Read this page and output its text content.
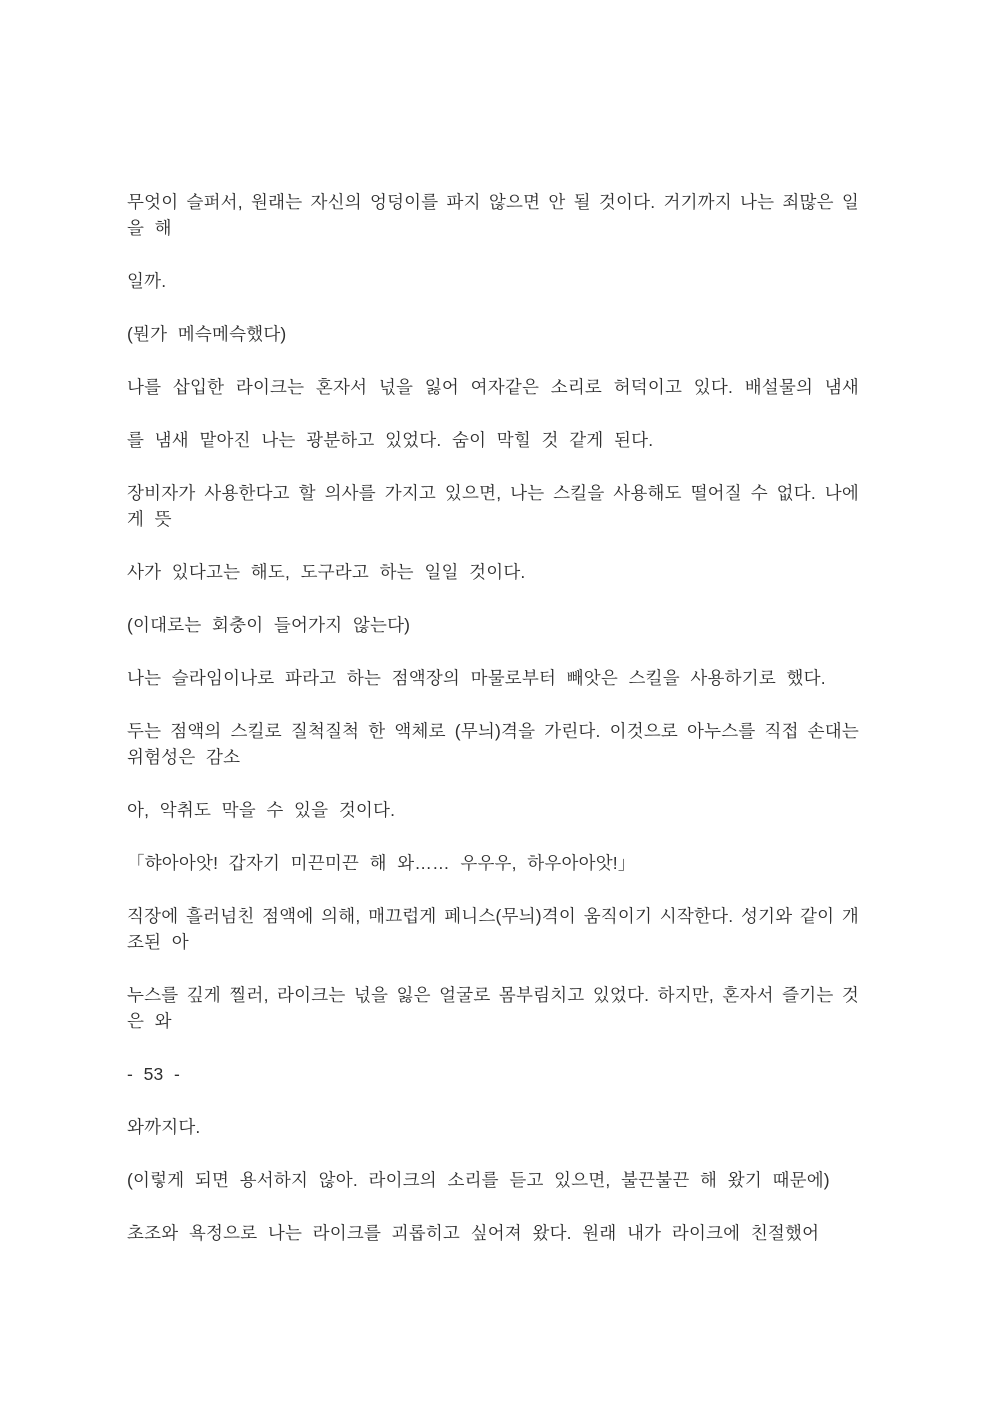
무엇이 슬퍼서, 원래는 자신의 엉덩이를 파지 않으면 안 될 것이다. 거기까지 나는 죄많은 일
을 해
일까.
(뭔가 메슥메슥했다)
나를 삽입한 라이크는 혼자서 넋을 잃어 여자같은 소리로 허덕이고 있다. 배설물의 냄새
를 냄새 맡아진 나는 광분하고 있었다. 숨이 막힐 것 같게 된다.
장비자가 사용한다고 할 의사를 가지고 있으면, 나는 스킬을 사용해도 떨어질 수 없다. 나에
게 뜻
사가 있다고는 해도, 도구라고 하는 일일 것이다.
(이대로는 회충이 들어가지 않는다)
나는 슬라임이나로 파라고 하는 점액장의 마물로부터 빼앗은 스킬을 사용하기로 했다.
두는 점액의 스킬로 질척질척 한 액체로 (무늬)격을 가린다. 이것으로 아누스를 직접 손대는
위험성은 감소
아, 악취도 막을 수 있을 것이다.
「햐아아앗! 갑자기 미끈미끈 해 와…… 우우우, 하우아아앗!」
직장에 흘러넘친 점액에 의해, 매끄럽게 페니스(무늬)격이 움직이기 시작한다. 성기와 같이 개
조된 아
누스를 깊게 찔러, 라이크는 넋을 잃은 얼굴로 몸부림치고 있었다. 하지만, 혼자서 즐기는 것
은 와
- 53 -
와까지다.
(이렇게 되면 용서하지 않아. 라이크의 소리를 듣고 있으면, 불끈불끈 해 왔기 때문에)
초조와 욕정으로 나는 라이크를 괴롭히고 싶어져 왔다. 원래 내가 라이크에 친절했어
